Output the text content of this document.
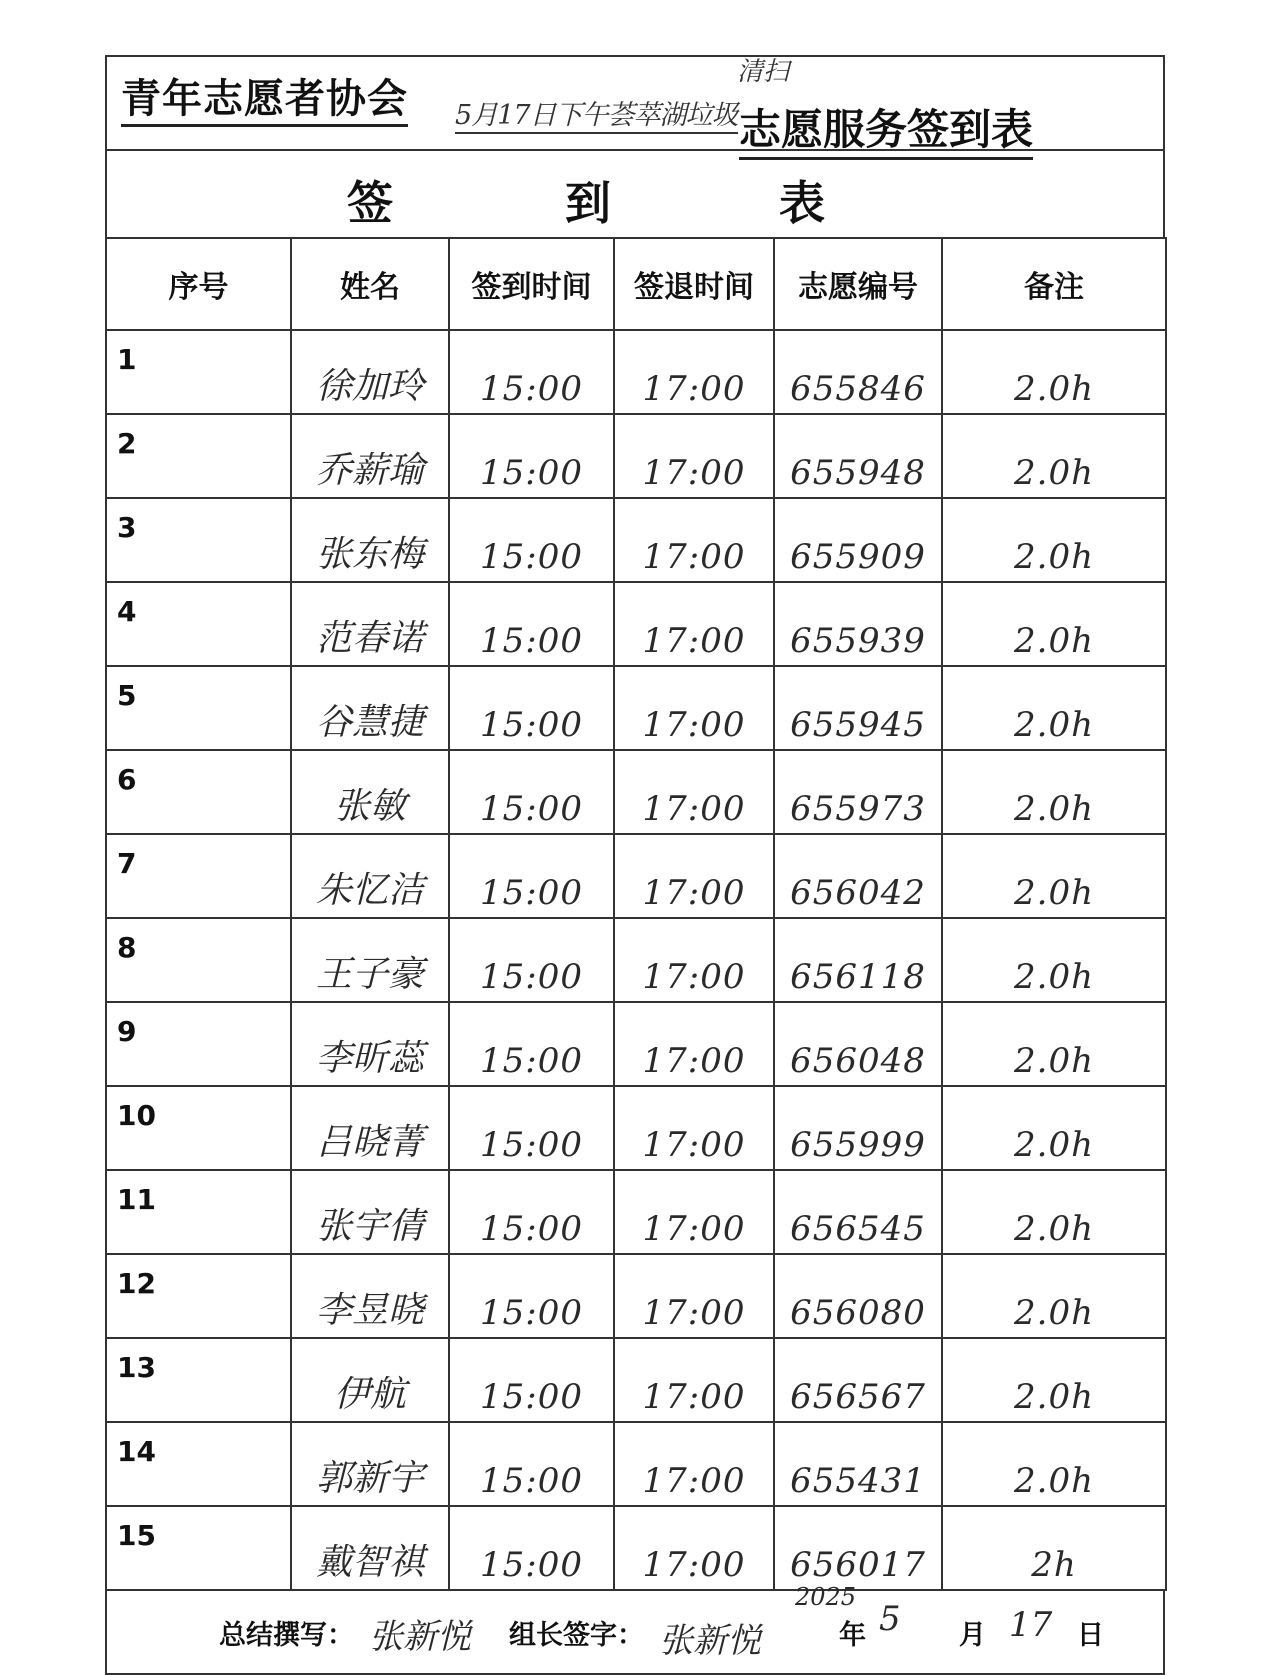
青年志愿者协会
清扫
5月17日下午荟萃湖垃圾 志愿服务签到表
签	到	表
序号	姓名	签到时间	签退时间	志愿编号	备注
1	徐加玲	15:00	17:00	655846	2.0h
2	乔薪瑜	15:00	17:00	655948	2.0h
3	张东梅	15:00	17:00	655909	2.0h
4	范春诺	15:00	17:00	655939	2.0h
5	谷慧捷	15:00	17:00	655945	2.0h
6	张敏	15:00	17:00	655973	2.0h
7	朱忆洁	15:00	17:00	656042	2.0h
8	王子豪	15:00	17:00	656118	2.0h
9	李昕蕊	15:00	17:00	656048	2.0h
10	吕晓菁	15:00	17:00	655999	2.0h
11	张宇倩	15:00	17:00	656545	2.0h
12	李昱晓	15:00	17:00	656080	2.0h
13	伊航	15:00	17:00	656567	2.0h
14	郭新宇	15:00	17:00	655431	2.0h
15	戴智祺	15:00	17:00	656017	2h
总结撰写： 张新悦 组长签字： 张新悦
2025
年 5 月 17 日
